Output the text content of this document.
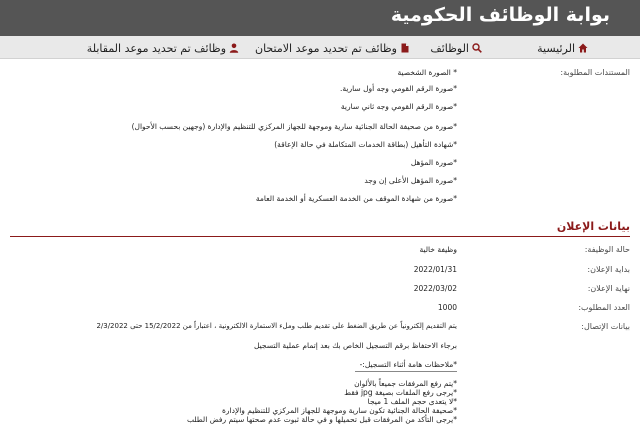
بوابة الوظائف الحكومية
الرئيسية
الوظائف
وظائف تم تحديد موعد الامتحان
وظائف تم تحديد موعد المقابلة
المستندات المطلوبة:
* الصورة الشخصية
*صورة الرقم القومي وجه أول سارية.
*صورة الرقم القومي وجه ثاني سارية
*صورة من صحيفة الحالة الجنائية سارية وموجهة للجهاز المركزي للتنظيم والإدارة (وجهين بحسب الأحوال)
*شهادة التأهيل (بطاقة الخدمات المتكاملة في حالة الإعاقة)
*صورة المؤهل
*صورة المؤهل الأعلى إن وجد
*صورة من شهادة الموقف من الخدمة العسكرية أو الخدمة العامة
بيانات الإعلان
حالة الوظيفة:
وظيفة خالية
بداية الإعلان:
2022/01/31
نهاية الإعلان:
2022/03/02
العدد المطلوب:
1000
بيانات الإتصال:
يتم التقديم إلكترونياً عن طريق الضغط على تقديم طلب وملء الاستمارة الالكترونية ، اعتباراً من 15/2/2022 حتى 2/3/2022
برجاء الاحتفاظ برقم التسجيل الخاص بك بعد إتمام عملية التسجيل
*ملاحظات هامة أثناء التسجيل:-
*يتم رفع المرفقات جميعاً بالألوان
*يرجى رفع الملفات بصيغة jpg فقط
*لا يتعدى حجم الملف 1 ميجا
*صحيفة الحالة الجنائية تكون سارية وموجهة للجهاز المركزي للتنظيم والإدارة
*يرجى التأكد من المرفقات قبل تحميلها و في حالة ثبوت عدم صحتها سيتم رفض الطلب
